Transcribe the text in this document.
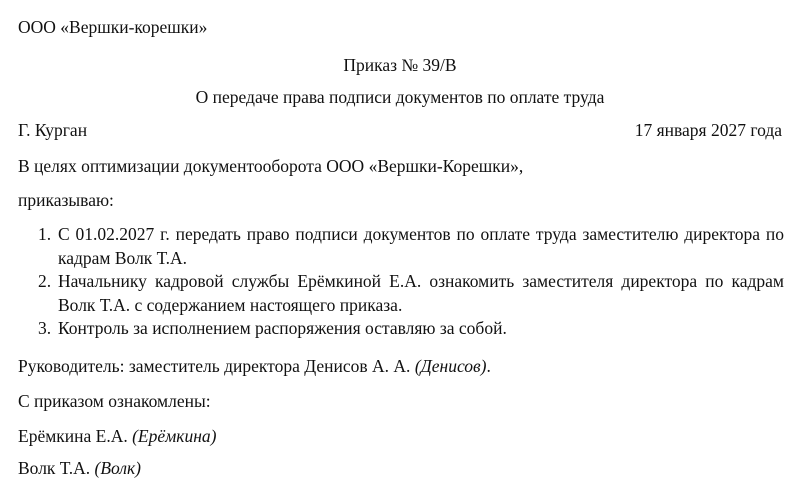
ООО «Вершки-корешки»
Приказ № 39/В
О передаче права подписи документов по оплате труда
Г. Курган	17 января 2027 года
В целях оптимизации документооборота ООО «Вершки-Корешки»,
приказываю:
1. С 01.02.2027 г. передать право подписи документов по оплате труда заместителю директора по кадрам Волк Т.А.
2. Начальнику кадровой службы Ерёмкиной Е.А. ознакомить заместителя директора по кадрам Волк Т.А. с содержанием настоящего приказа.
3. Контроль за исполнением распоряжения оставляю за собой.
Руководитель: заместитель директора Денисов А. А. (Денисов).
С приказом ознакомлены:
Ерёмкина Е.А. (Ерёмкина)
Волк Т.А. (Волк)
